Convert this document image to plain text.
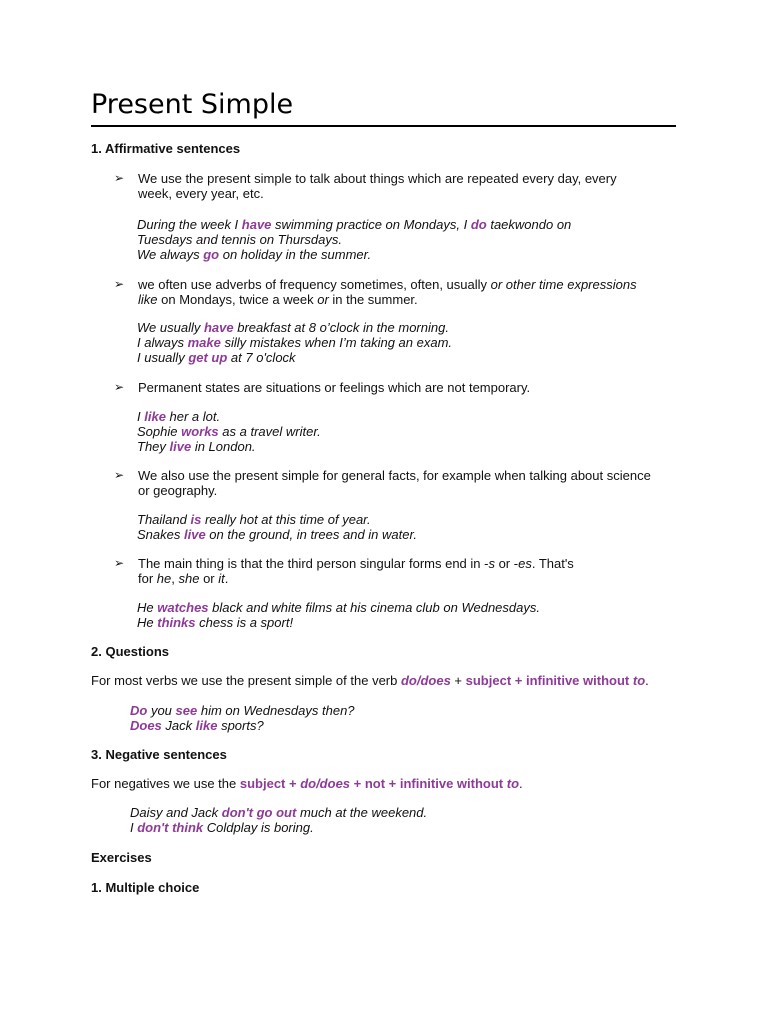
Present Simple
1. Affirmative sentences
➢ We use the present simple to talk about things which are repeated every day, every
week, every year, etc.
During the week I have swimming practice on Mondays, I do taekwondo on
Tuesdays and tennis on Thursdays.
We always go on holiday in the summer.
➢ we often use adverbs of frequency sometimes, often, usually or other time expressions
like on Mondays, twice a week or in the summer.
We usually have breakfast at 8 o’clock in the morning.
I always make silly mistakes when I’m taking an exam.
I usually get up at 7 o'clock
➢ Permanent states are situations or feelings which are not temporary.
I like her a lot.
Sophie works as a travel writer.
They live in London.
➢ We also use the present simple for general facts, for example when talking about science
or geography.
Thailand is really hot at this time of year.
Snakes live on the ground, in trees and in water.
➢ The main thing is that the third person singular forms end in -s or -es. That's
for he, she or it.
He watches black and white films at his cinema club on Wednesdays.
He thinks chess is a sport!
2. Questions
For most verbs we use the present simple of the verb do/does + subject + infinitive without to.
Do you see him on Wednesdays then?
Does Jack like sports?
3. Negative sentences
For negatives we use the subject + do/does + not + infinitive without to.
Daisy and Jack don't go out much at the weekend.
I don't think Coldplay is boring.
Exercises
1. Multiple choice
